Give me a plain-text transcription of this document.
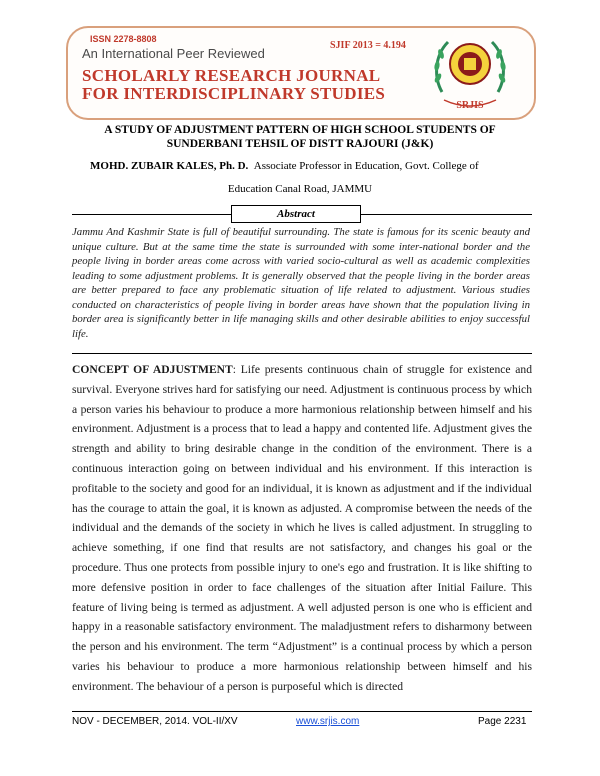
ISSN 2278-8808
An International Peer Reviewed
SJIF 2013 = 4.194
SCHOLARLY RESEARCH JOURNAL
FOR INTERDISCIPLINARY STUDIES
SRJIS
A STUDY OF ADJUSTMENT PATTERN OF HIGH SCHOOL STUDENTS OF
SUNDERBANI TEHSIL OF DISTT RAJOURI (J&K)
MOHD. ZUBAIR KALES, Ph. D. Associate Professor in Education, Govt. College of
Education Canal Road, JAMMU
Abstract
Jammu And Kashmir State is full of beautiful surrounding. The state is famous for its scenic beauty and unique culture. But at the same time the state is surrounded with some inter-national border and the people living in border areas come across with varied socio-cultural as well as academic complexities leading to some adjustment problems. It is generally observed that the people living in the border areas are better prepared to face any problematic situation of life related to adjustment. Various studies conducted on characteristics of people living in border areas have shown that the population living in border area is significantly better in life managing skills and other desirable abilities to enjoy successful life.
CONCEPT OF ADJUSTMENT: Life presents continuous chain of struggle for existence and survival. Everyone strives hard for satisfying our need. Adjustment is continuous process by which a person varies his behaviour to produce a more harmonious relationship between himself and his environment. Adjustment is a process that to lead a happy and contented life. Adjustment gives the strength and ability to bring desirable change in the condition of the environment. There is a continuous interaction going on between individual and his environment. If this interaction is profitable to the society and good for an individual, it is known as adjustment and if the individual has the courage to attain the goal, it is known as adjusted. A compromise between the needs of the individual and the demands of the society in which he lives is called adjustment. In struggling to achieve something, if one find that results are not satisfactory, and changes his goal or the procedure. Thus one protects from possible injury to one's ego and frustration. It is like shifting to more defensive position in order to face challenges of the situation after Initial Failure. This feature of living being is termed as adjustment. A well adjusted person is one who is efficient and happy in a reasonable satisfactory environment. The maladjustment refers to disharmony between the person and his environment. The term “Adjustment” is a continual process by which a person varies his behaviour to produce a more harmonious relationship between himself and his environment. The behaviour of a person is purposeful which is directed
NOV - DECEMBER, 2014. VOL-II/XV	www.srjis.com	Page 2231
